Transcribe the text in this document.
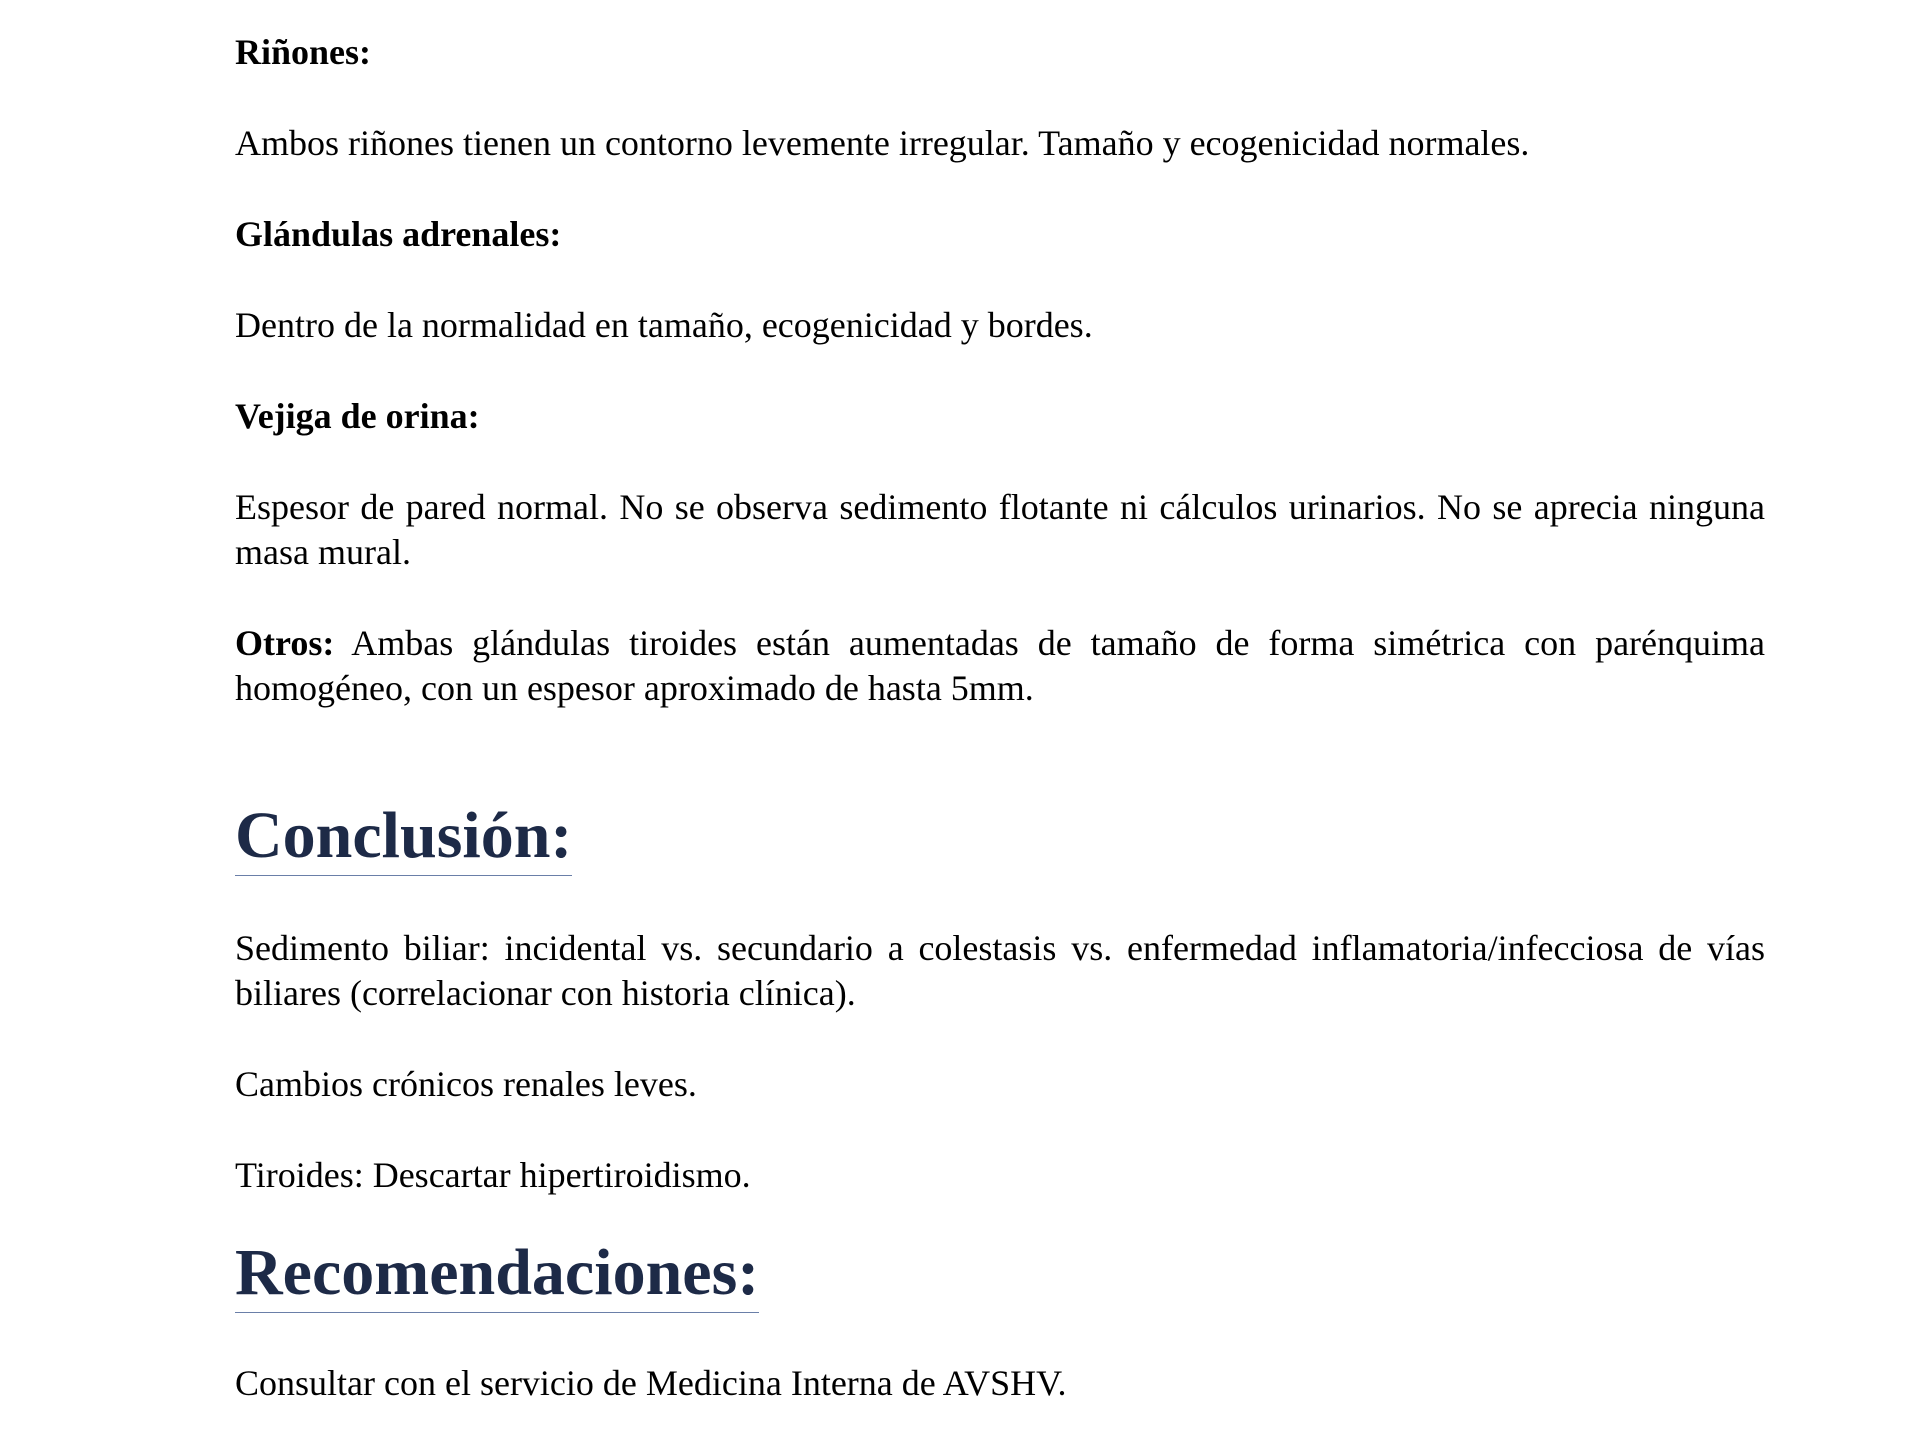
Riñones:

Ambos riñones tienen un contorno levemente irregular. Tamaño y ecogenicidad normales.

Glándulas adrenales:

Dentro de la normalidad en tamaño, ecogenicidad y bordes.

Vejiga de orina:

Espesor de pared normal. No se observa sedimento flotante ni cálculos urinarios. No se aprecia ninguna masa mural.

Otros: Ambas glándulas tiroides están aumentadas de tamaño de forma simétrica con parénquima homogéneo, con un espesor aproximado de hasta 5mm.

Conclusión:

Sedimento biliar: incidental vs. secundario a colestasis vs. enfermedad inflamatoria/infecciosa de vías biliares (correlacionar con historia clínica).

Cambios crónicos renales leves.

Tiroides: Descartar hipertiroidismo.

Recomendaciones:

Consultar con el servicio de Medicina Interna de AVSHV.
